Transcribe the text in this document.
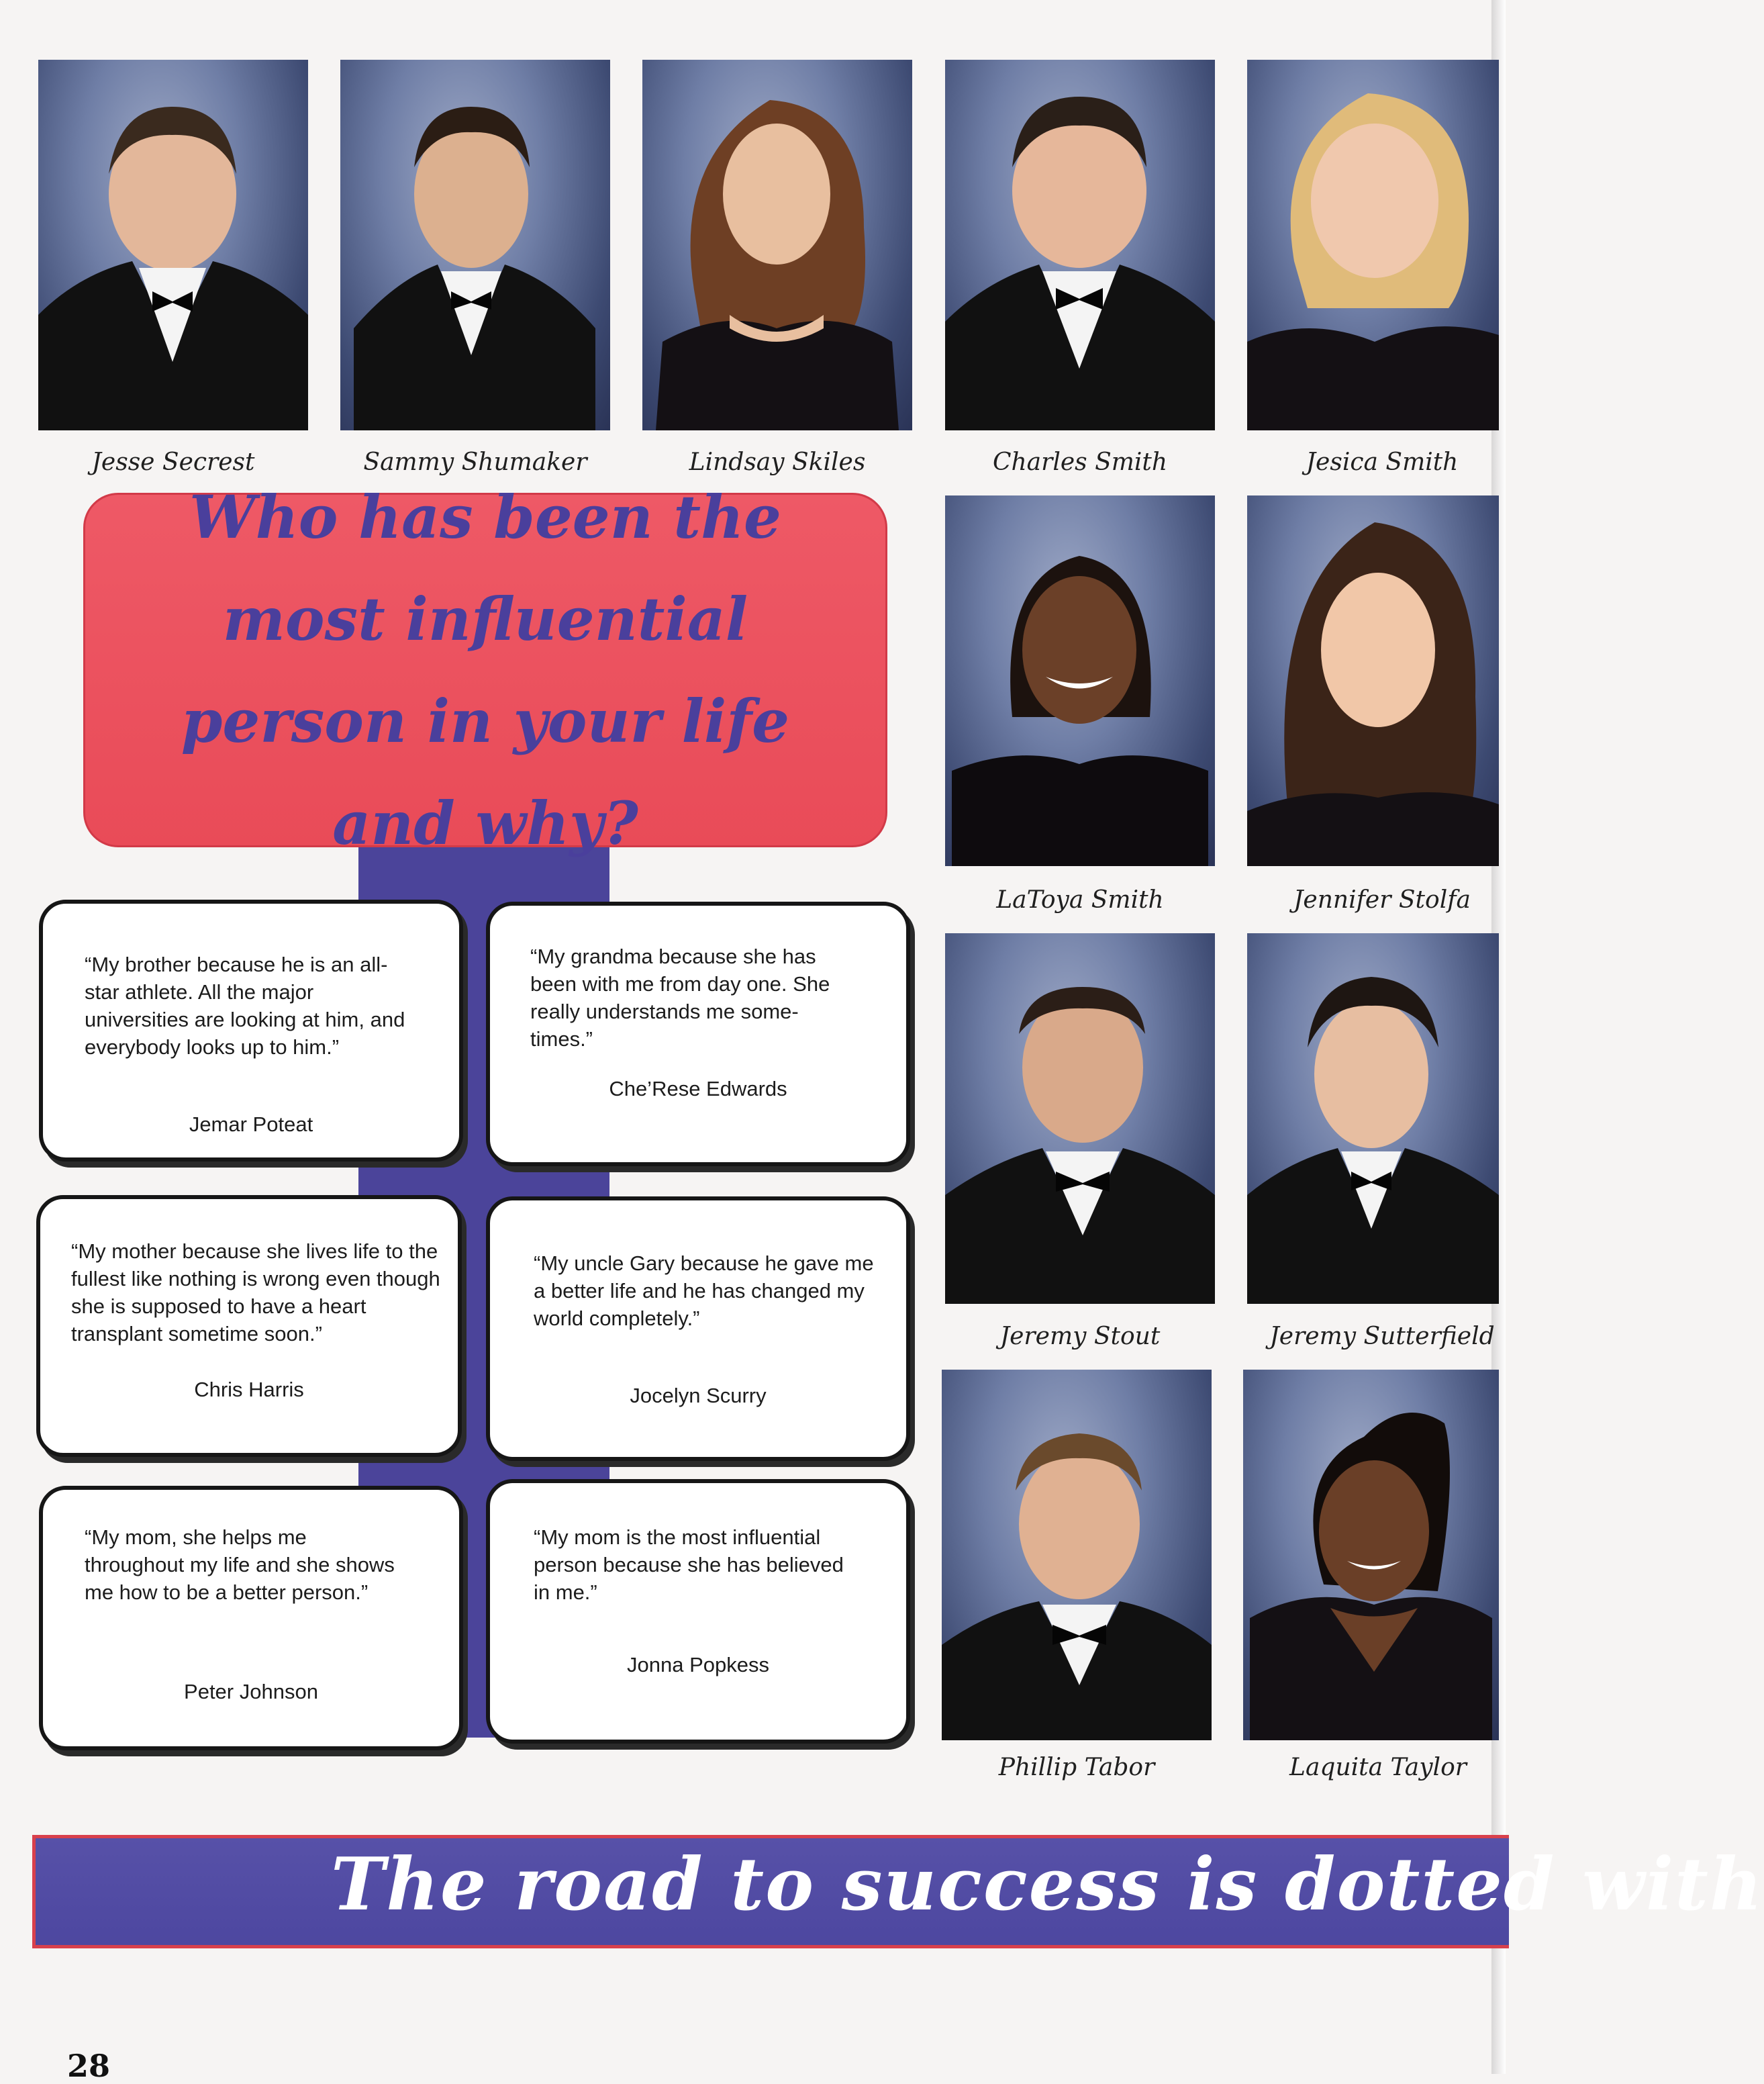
Jesse Secrest	Sammy Shumaker	Lindsay Skiles	Charles Smith	Jesica Smith
LaToya Smith	Jennifer Stolfa
Jeremy Stout	Jeremy Sutterfield
Phillip Tabor	Laquita Taylor
Who has been the most influential person in your life and why?
“My brother because he is an all-star athlete. All the major universities are looking at him, and everybody looks up to him.”
Jemar Poteat
“My grandma because she has been with me from day one. She really understands me some-times.”
Che’Rese Edwards
“My mother because she lives life to the fullest like nothing is wrong even though she is supposed to have a heart transplant sometime soon.”
Chris Harris
“My uncle Gary because he gave me a better life and he has changed my world completely.”
Jocelyn Scurry
“My mom, she helps me throughout my life and she shows me how to be a better person.”
Peter Johnson
“My mom is the most influential person because she has believed in me.”
Jonna Popkess
The road to success is dotted with
28
